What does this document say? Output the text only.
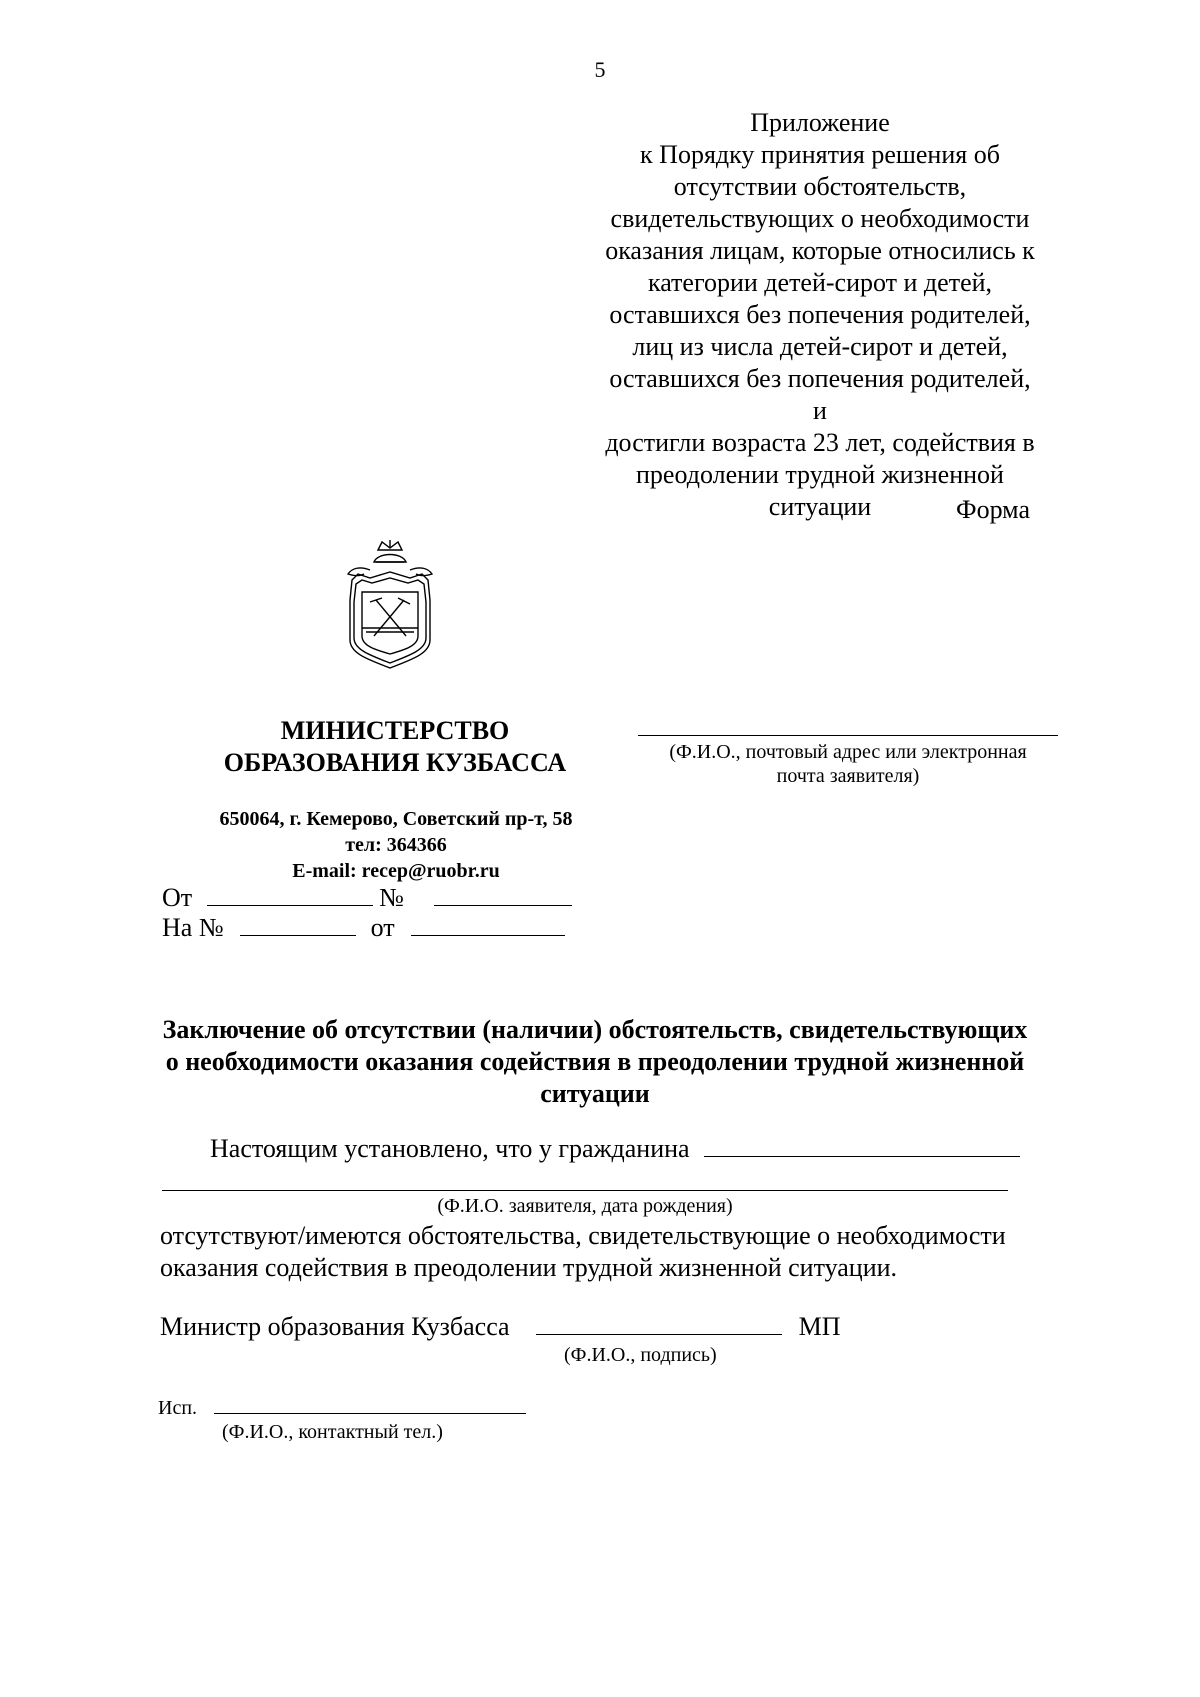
5
Приложение
к Порядку принятия решения об
отсутствии обстоятельств,
свидетельствующих о необходимости
оказания лицам, которые относились к
категории детей-сирот и детей,
оставшихся без попечения родителей,
лиц из числа детей-сирот и детей,
оставшихся без попечения родителей, и
достигли возраста 23 лет, содействия в
преодолении трудной жизненной
ситуации	Форма
МИНИСТЕРСТВО
ОБРАЗОВАНИЯ КУЗБАССА	(Ф.И.О., почтовый адрес или электронная
почта заявителя)
650064, г. Кемерово, Советский пр-т, 58
тел: 364366
E-mail: recep@ruobr.ru
От	№
На №	от
Заключение об отсутствии (наличии) обстоятельств, свидетельствующих
о необходимости оказания содействия в преодолении трудной жизненной
ситуации
Настоящим установлено, что у гражданина
(Ф.И.О. заявителя, дата рождения)
отсутствуют/имеются обстоятельства, свидетельствующие о необходимости
оказания содействия в преодолении трудной жизненной ситуации.
Министр образования Кузбасса	МП
(Ф.И.О., подпись)
Исп.
(Ф.И.О., контактный тел.)
